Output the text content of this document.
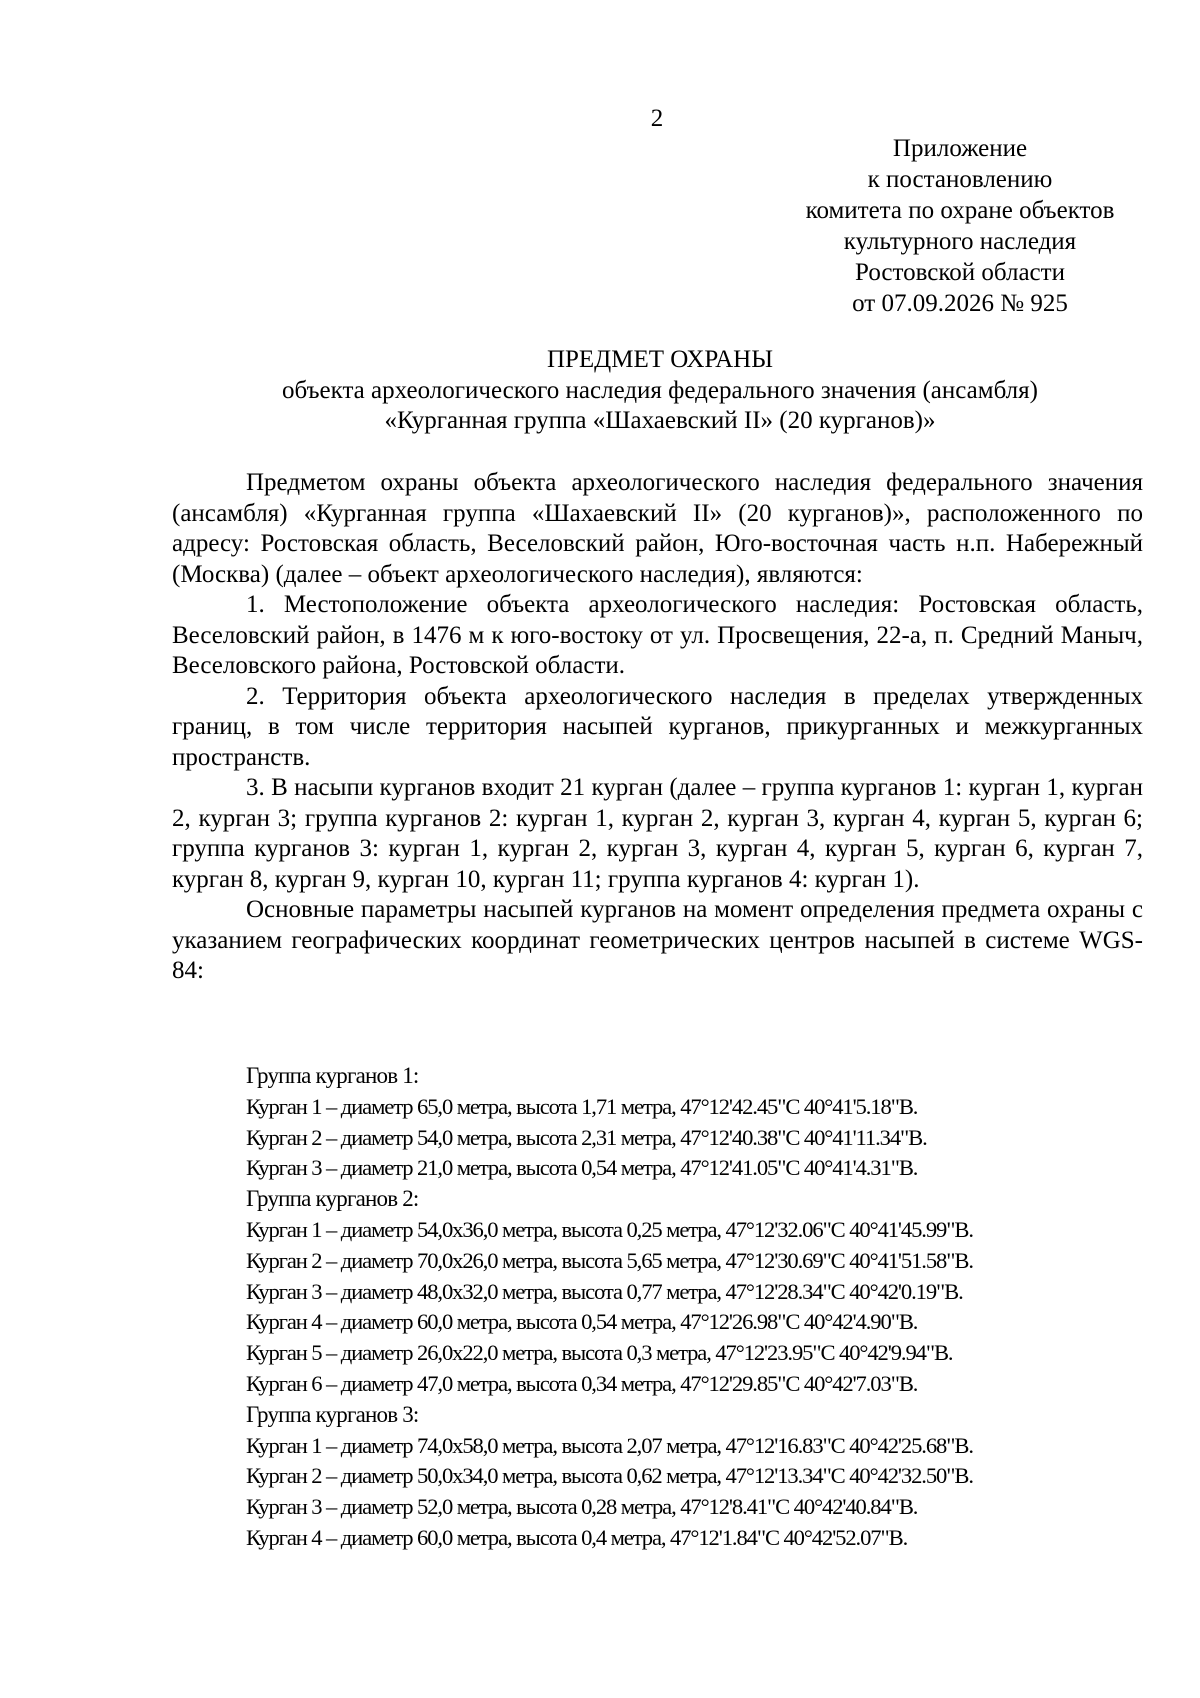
2
Приложение
к постановлению
комитета по охране объектов
культурного наследия
Ростовской области
от 07.09.2026 № 925
ПРЕДМЕТ ОХРАНЫ
объекта археологического наследия федерального значения (ансамбля)
«Курганная группа «Шахаевский II» (20 курганов)»

Предметом охраны объекта археологического наследия федерального значения (ансамбля) «Курганная группа «Шахаевский II» (20 курганов)», расположенного по адресу: Ростовская область, Веселовский район, Юго-восточная часть н.п. Набережный (Москва) (далее – объект археологического наследия), являются:

1. Местоположение объекта археологического наследия: Ростовская область, Веселовский район, в 1476 м к юго-востоку от ул. Просвещения, 22-а, п. Средний Маныч, Веселовского района, Ростовской области.

2. Территория объекта археологического наследия в пределах утвержденных границ, в том числе территория насыпей курганов, прикурганных и межкурганных пространств.

3. В насыпи курганов входит 21 курган (далее – группа курганов 1: курган 1, курган 2, курган 3; группа курганов 2: курган 1, курган 2, курган 3, курган 4, курган 5, курган 6; группа курганов 3: курган 1, курган 2, курган 3, курган 4, курган 5, курган 6, курган 7, курган 8, курган 9, курган 10, курган 11; группа курганов 4: курган 1).

Основные параметры насыпей курганов на момент определения предмета охраны с указанием географических координат геометрических центров насыпей в системе WGS-84:

Группа курганов 1:
Курган 1 – диаметр 65,0 метра, высота 1,71 метра, 47°12'42.45"С 40°41'5.18"В.
Курган 2 – диаметр 54,0 метра, высота 2,31 метра, 47°12'40.38"С 40°41'11.34"В.
Курган 3 – диаметр 21,0 метра, высота 0,54 метра, 47°12'41.05"С 40°41'4.31"В.
Группа курганов 2:
Курган 1 – диаметр 54,0х36,0 метра, высота 0,25 метра, 47°12'32.06"С 40°41'45.99"В.
Курган 2 – диаметр 70,0х26,0 метра, высота 5,65 метра, 47°12'30.69"С 40°41'51.58"В.
Курган 3 – диаметр 48,0х32,0 метра, высота 0,77 метра, 47°12'28.34"С 40°42'0.19"В.
Курган 4 – диаметр 60,0 метра, высота 0,54 метра, 47°12'26.98"С 40°42'4.90"В.
Курган 5 – диаметр 26,0х22,0 метра, высота 0,3 метра, 47°12'23.95"С 40°42'9.94"В.
Курган 6 – диаметр 47,0 метра, высота 0,34 метра, 47°12'29.85"С 40°42'7.03"В.
Группа курганов 3:
Курган 1 – диаметр 74,0х58,0 метра, высота 2,07 метра, 47°12'16.83"С 40°42'25.68"В.
Курган 2 – диаметр 50,0х34,0 метра, высота 0,62 метра, 47°12'13.34"С 40°42'32.50"В.
Курган 3 – диаметр 52,0 метра, высота 0,28 метра, 47°12'8.41"С 40°42'40.84"В.
Курган 4 – диаметр 60,0 метра, высота 0,4 метра, 47°12'1.84"С 40°42'52.07"В.
